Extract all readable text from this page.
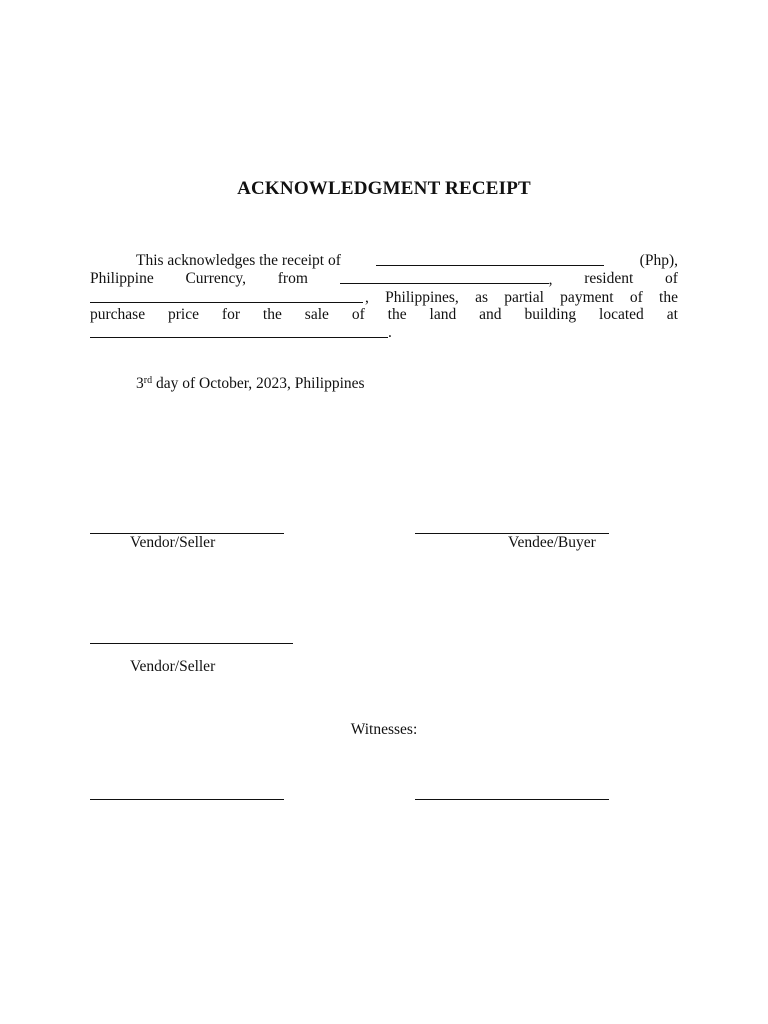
ACKNOWLEDGMENT RECEIPT
This acknowledges the receipt of	(Php),
Philippine Currency, from	, resident of
, Philippines, as partial payment of the
purchase price for the sale of the land and building located at
.
3rd day of October, 2023, Philippines
Vendor/Seller	Vendee/Buyer
Vendor/Seller
Witnesses:
